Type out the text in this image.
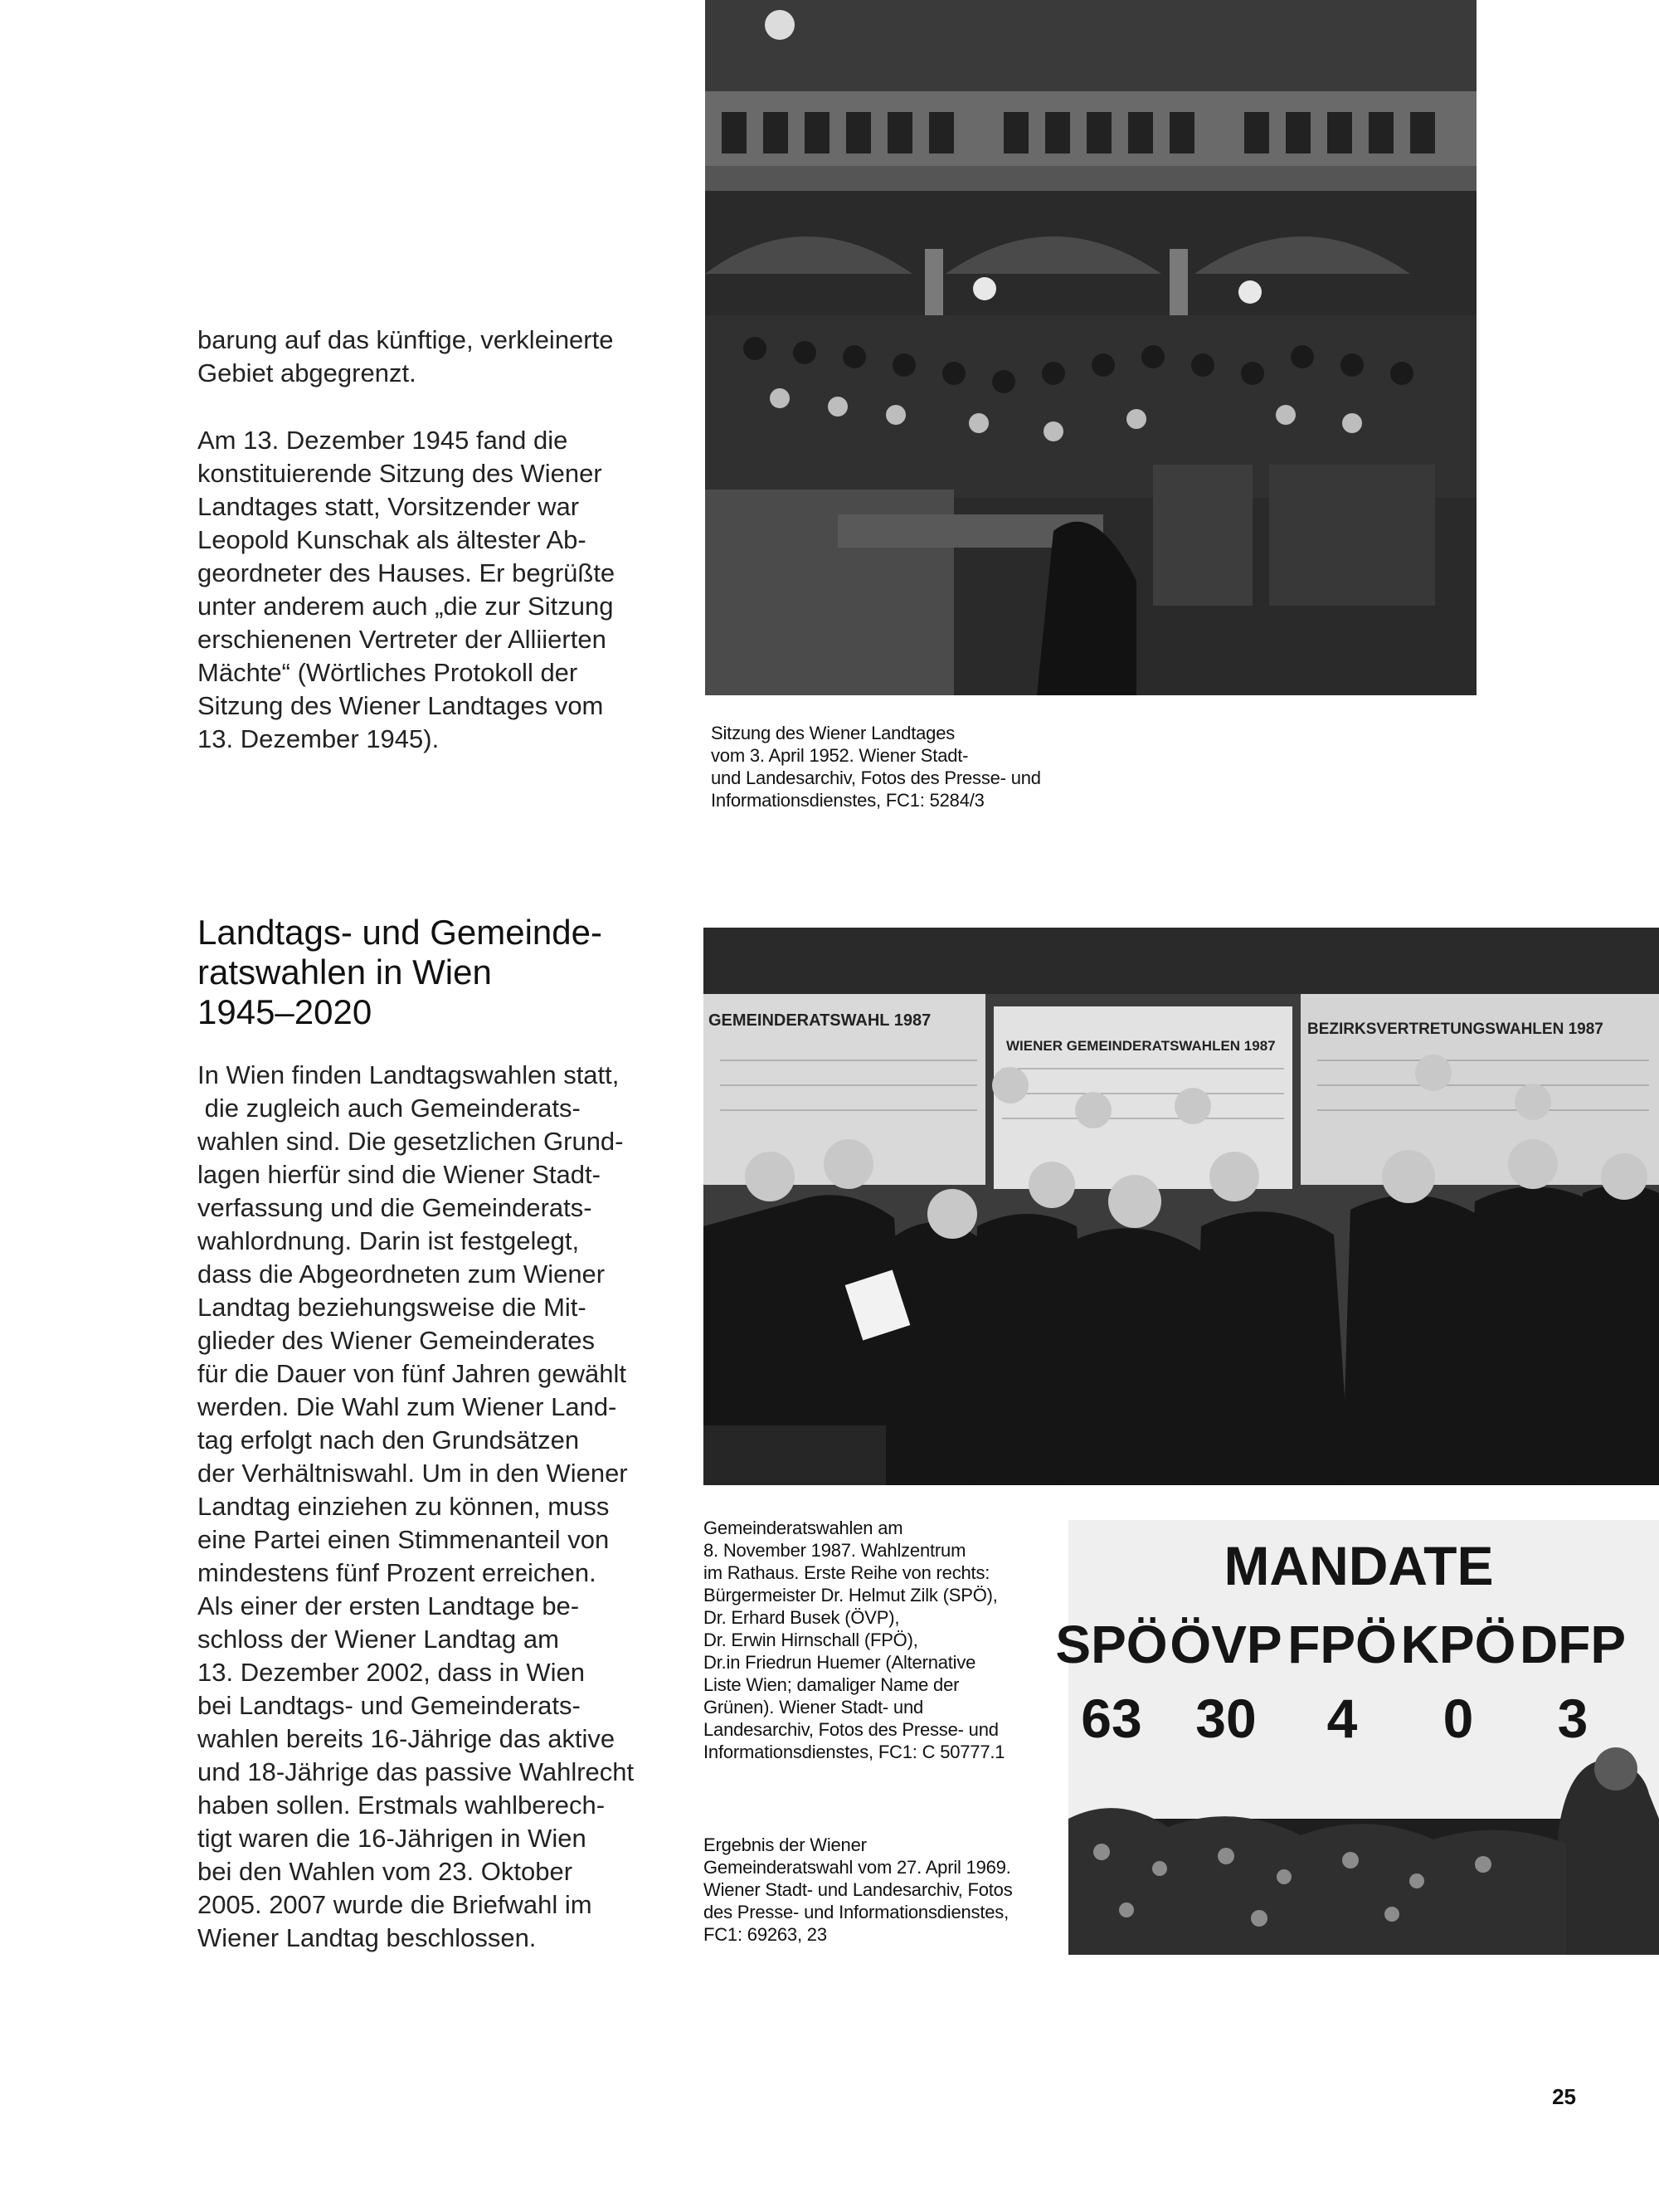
barung auf das künftige, verkleinerte

Gebiet abgegrenzt.

Am 13. Dezember 1945 fand die

konstituierende Sitzung des Wiener

Landtages statt, Vorsitzender war

Leopold Kunschak als ältester Ab-

geordneter des Hauses. Er begrüßte

unter anderem auch „die zur Sitzung

erschienenen Vertreter der Alliierten

Mächte“ (Wörtliches Protokoll der

Sitzung des Wiener Landtages vom

13. Dezember 1945).	Sitzung des Wiener Landtages
vom 3. April 1952. Wiener Stadt-
und Landesarchiv, Fotos des Presse- und
Informationsdienstes, FC1: 5284/3
Landtags- und Gemeinde-
ratswahlen in Wien
1945–2020

In Wien finden Landtagswahlen statt,

die zugleich auch Gemeinderats-

wahlen sind. Die gesetzlichen Grund-

lagen hierfür sind die Wiener Stadt-

verfassung und die Gemeinderats-

wahlordnung. Darin ist festgelegt,

dass die Abgeordneten zum Wiener

Landtag beziehungsweise die Mit-

glieder des Wiener Gemeinderates

für die Dauer von fünf Jahren gewählt

werden. Die Wahl zum Wiener Land-

tag erfolgt nach den Grundsätzen

der Verhältniswahl. Um in den Wiener

Landtag einziehen zu können, muss

eine Partei einen Stimmenanteil von

mindestens fünf Prozent erreichen.

Als einer der ersten Landtage be-

schloss der Wiener Landtag am

13. Dezember 2002, dass in Wien

bei Landtags- und Gemeinderats-

wahlen bereits 16-Jährige das aktive

und 18-Jährige das passive Wahlrecht

haben sollen. Erstmals wahlberech-

tigt waren die 16-Jährigen in Wien

bei den Wahlen vom 23. Oktober

2005. 2007 wurde die Briefwahl im

Wiener Landtag beschlossen.

GEMEINDERATSWAHL 1987
WIENER GEMEINDERATSWAHLEN 1987
BEZIRKSVERTRETUNGSWAHLEN 1987
Gemeinderatswahlen am
8. November 1987. Wahlzentrum
im Rathaus. Erste Reihe von rechts:
Bürgermeister Dr. Helmut Zilk (SPÖ),
Dr. Erhard Busek (ÖVP),
Dr. Erwin Hirnschall (FPÖ),
Dr.in Friedrun Huemer (Alternative
Liste Wien; damaliger Name der
Grünen). Wiener Stadt- und
Landesarchiv, Fotos des Presse- und
Informationsdienstes, FC1: C 50777.1
MANDATE
SPÖ ÖVP FPÖ KPÖ DFP
63 30 4 0 3
Ergebnis der Wiener
Gemeinderatswahl vom 27. April 1969.
Wiener Stadt- und Landesarchiv, Fotos
des Presse- und Informationsdienstes,
FC1: 69263, 23
25
